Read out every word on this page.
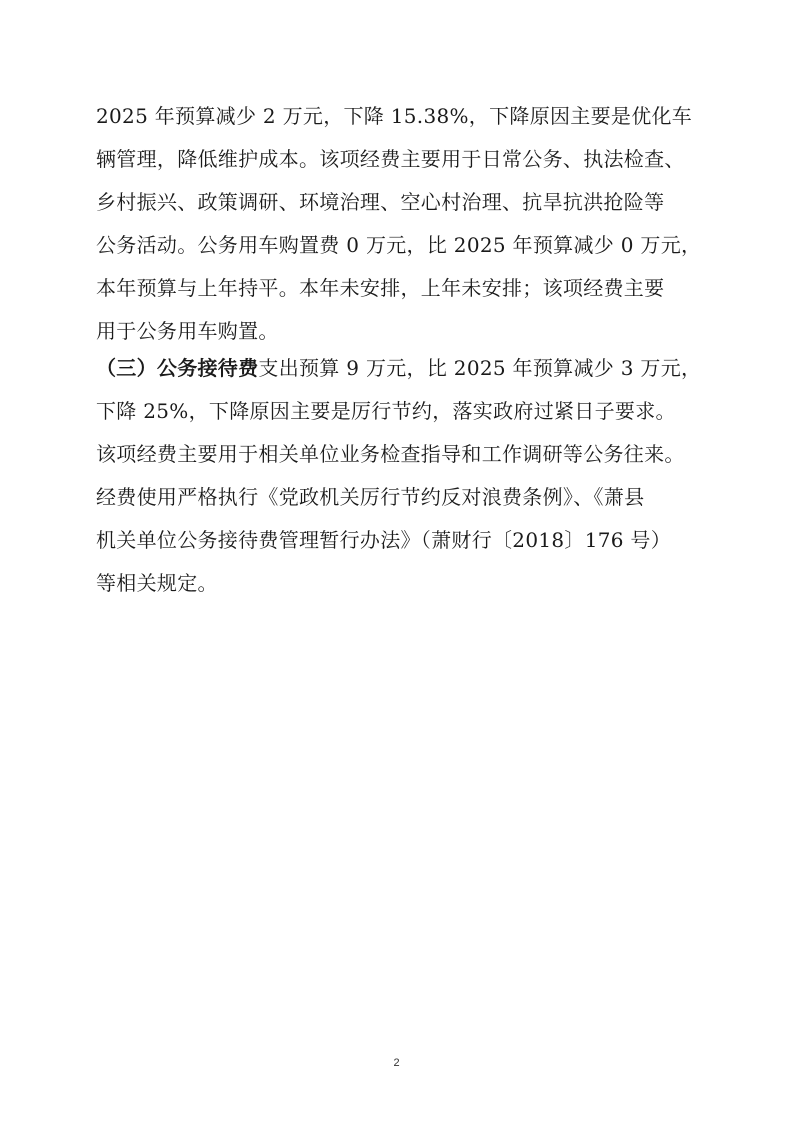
2025 年预算减少 2 万元，下降 15.38%，下降原因主要是优化车
辆管理，降低维护成本。该项经费主要用于日常公务、执法检查、
乡村振兴、政策调研、环境治理、空心村治理、抗旱抗洪抢险等
公务活动。公务用车购置费 0 万元，比 2025 年预算减少 0 万元，
本年预算与上年持平。本年未安排，上年未安排；该项经费主要
用于公务用车购置。
（三）公务接待费支出预算 9 万元，比 2025 年预算减少 3 万元，
下降 25%，下降原因主要是厉行节约，落实政府过紧日子要求。
该项经费主要用于相关单位业务检查指导和工作调研等公务往来。
经费使用严格执行《党政机关厉行节约反对浪费条例》、《萧县
机关单位公务接待费管理暂行办法》（萧财行〔2018〕176 号）
等相关规定。
2
